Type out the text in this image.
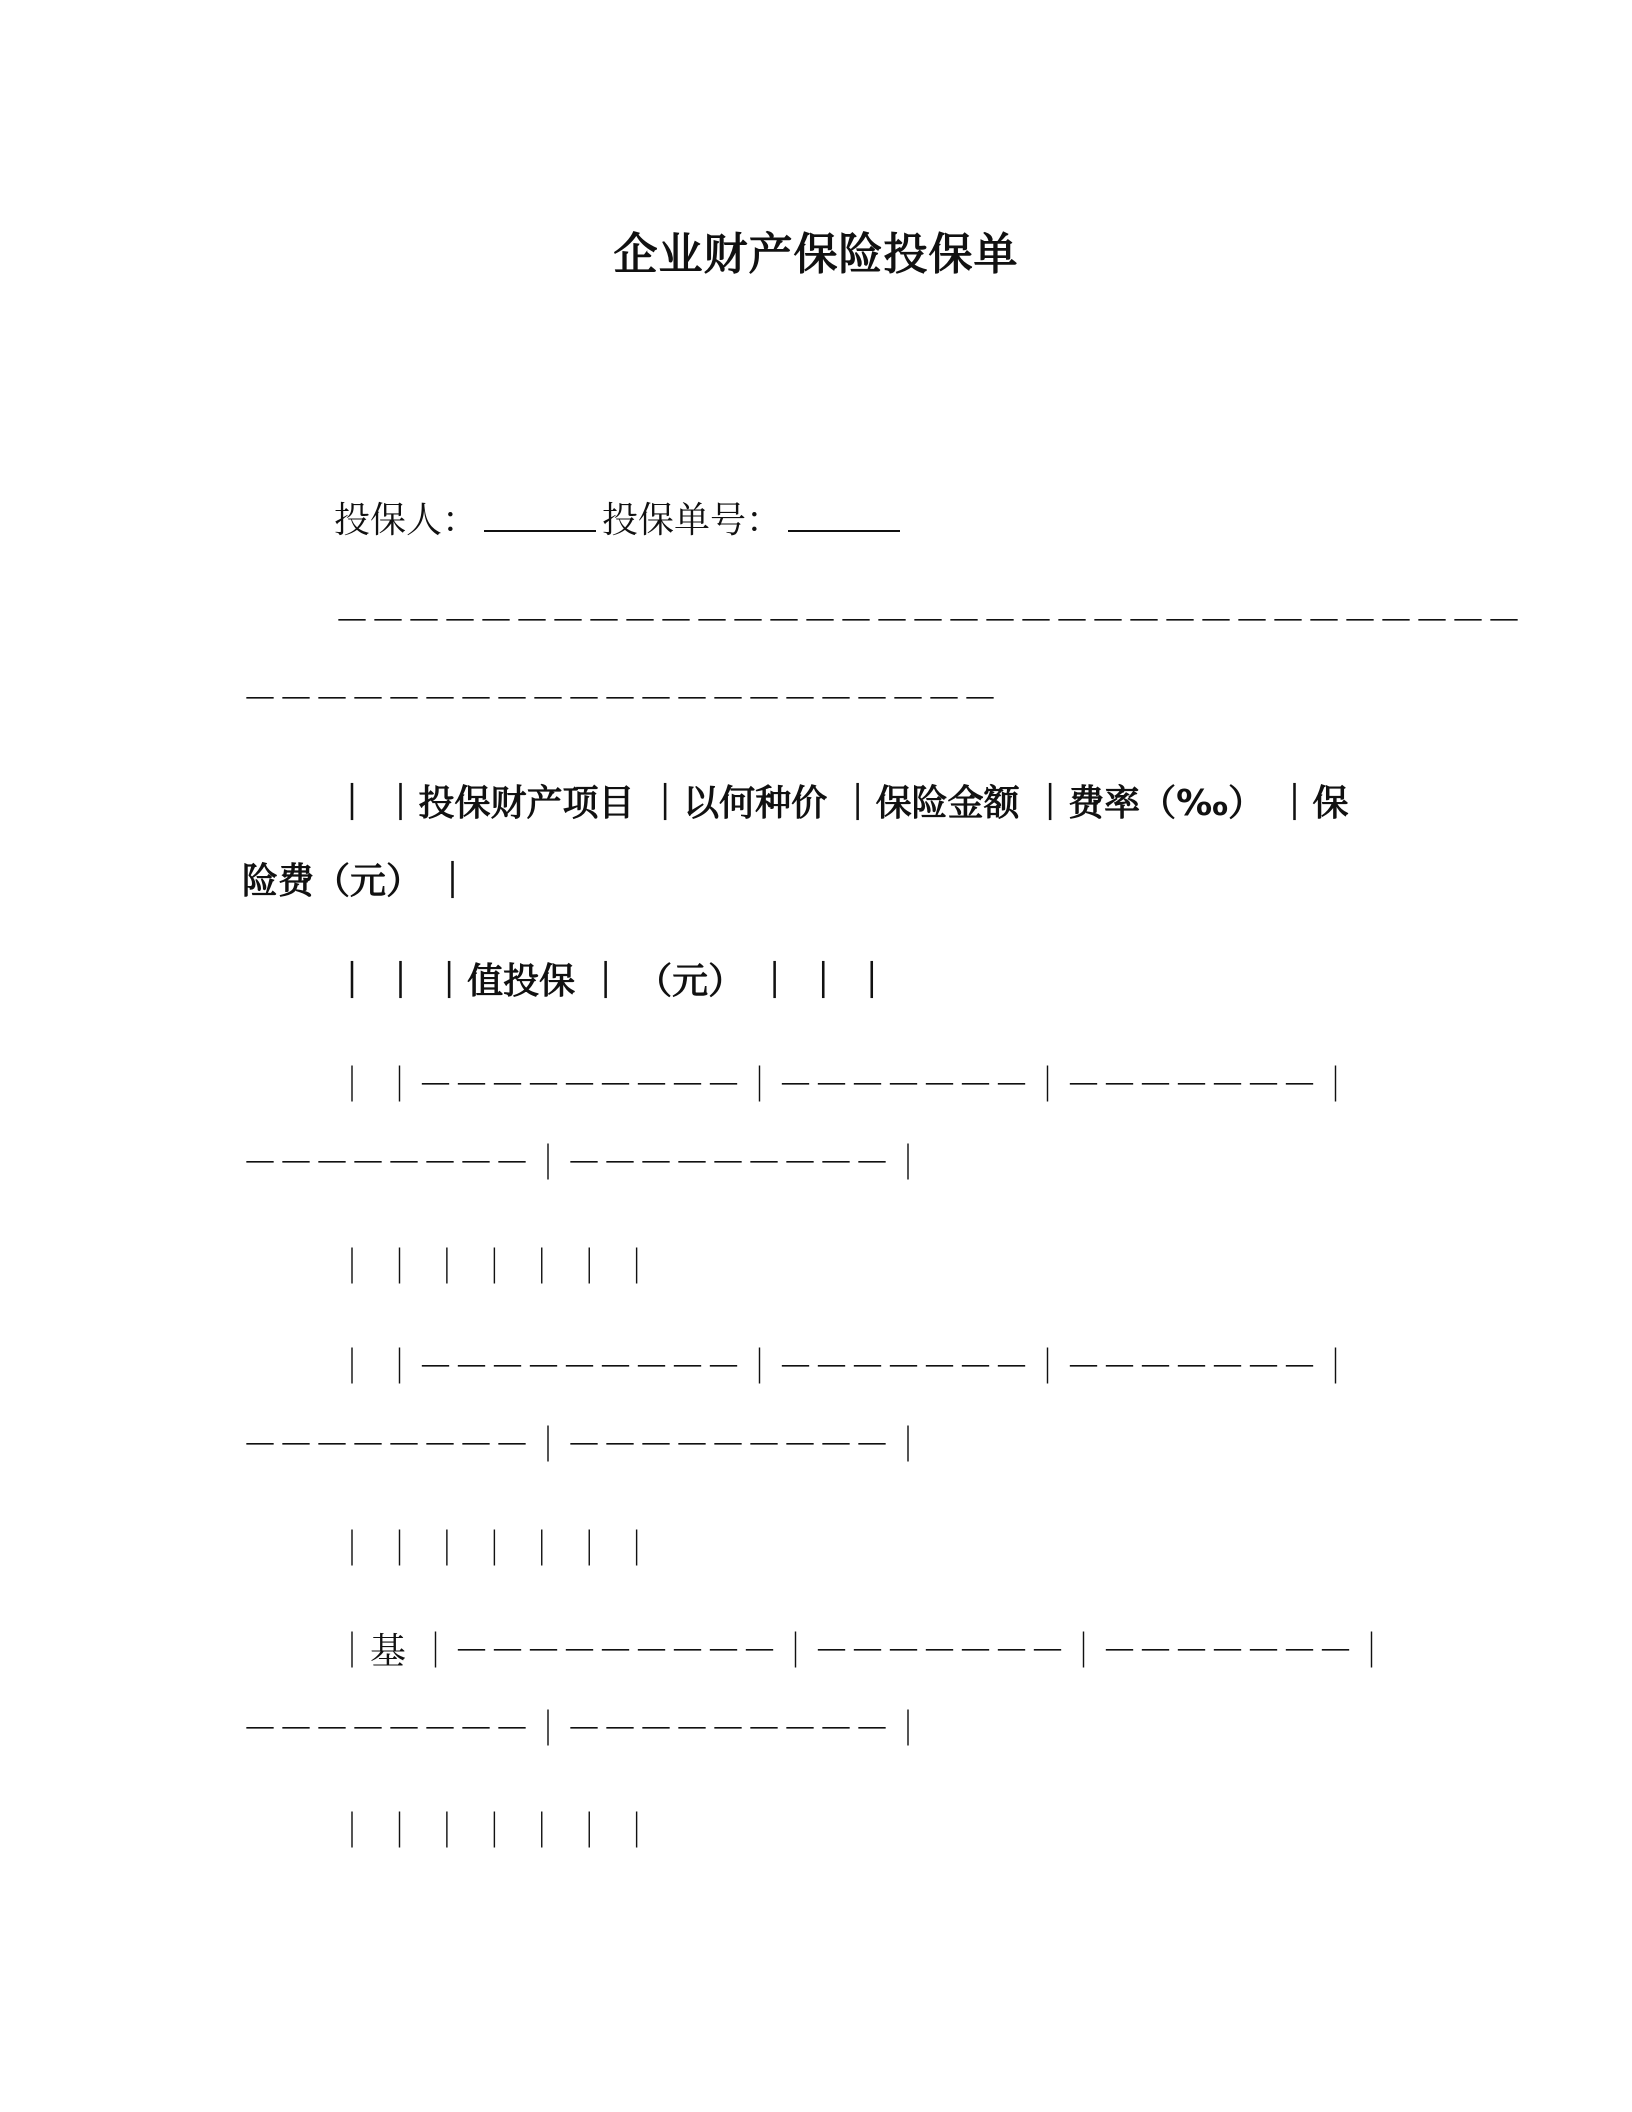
企业财产保险投保单
投保人：	投保单号：
－－－－－－－－－－－－－－－－－－－－－－－－－－－－－－－－－
－－－－－－－－－－－－－－－－－－－－－
｜ ｜投保财产项目 ｜以何种价 ｜保险金额 ｜费率（‰） ｜保
险费（元） ｜
｜ ｜ ｜值投保 ｜ （元） ｜ ｜ ｜
｜ ｜－－－－－－－－－｜－－－－－－－｜－－－－－－－｜
－－－－－－－－｜－－－－－－－－－｜
｜ ｜ ｜ ｜ ｜ ｜ ｜
｜ ｜－－－－－－－－－｜－－－－－－－｜－－－－－－－｜
－－－－－－－－｜－－－－－－－－－｜
｜ ｜ ｜ ｜ ｜ ｜ ｜
｜基 ｜－－－－－－－－－｜－－－－－－－｜－－－－－－－｜
－－－－－－－－｜－－－－－－－－－｜
｜ ｜ ｜ ｜ ｜ ｜ ｜
